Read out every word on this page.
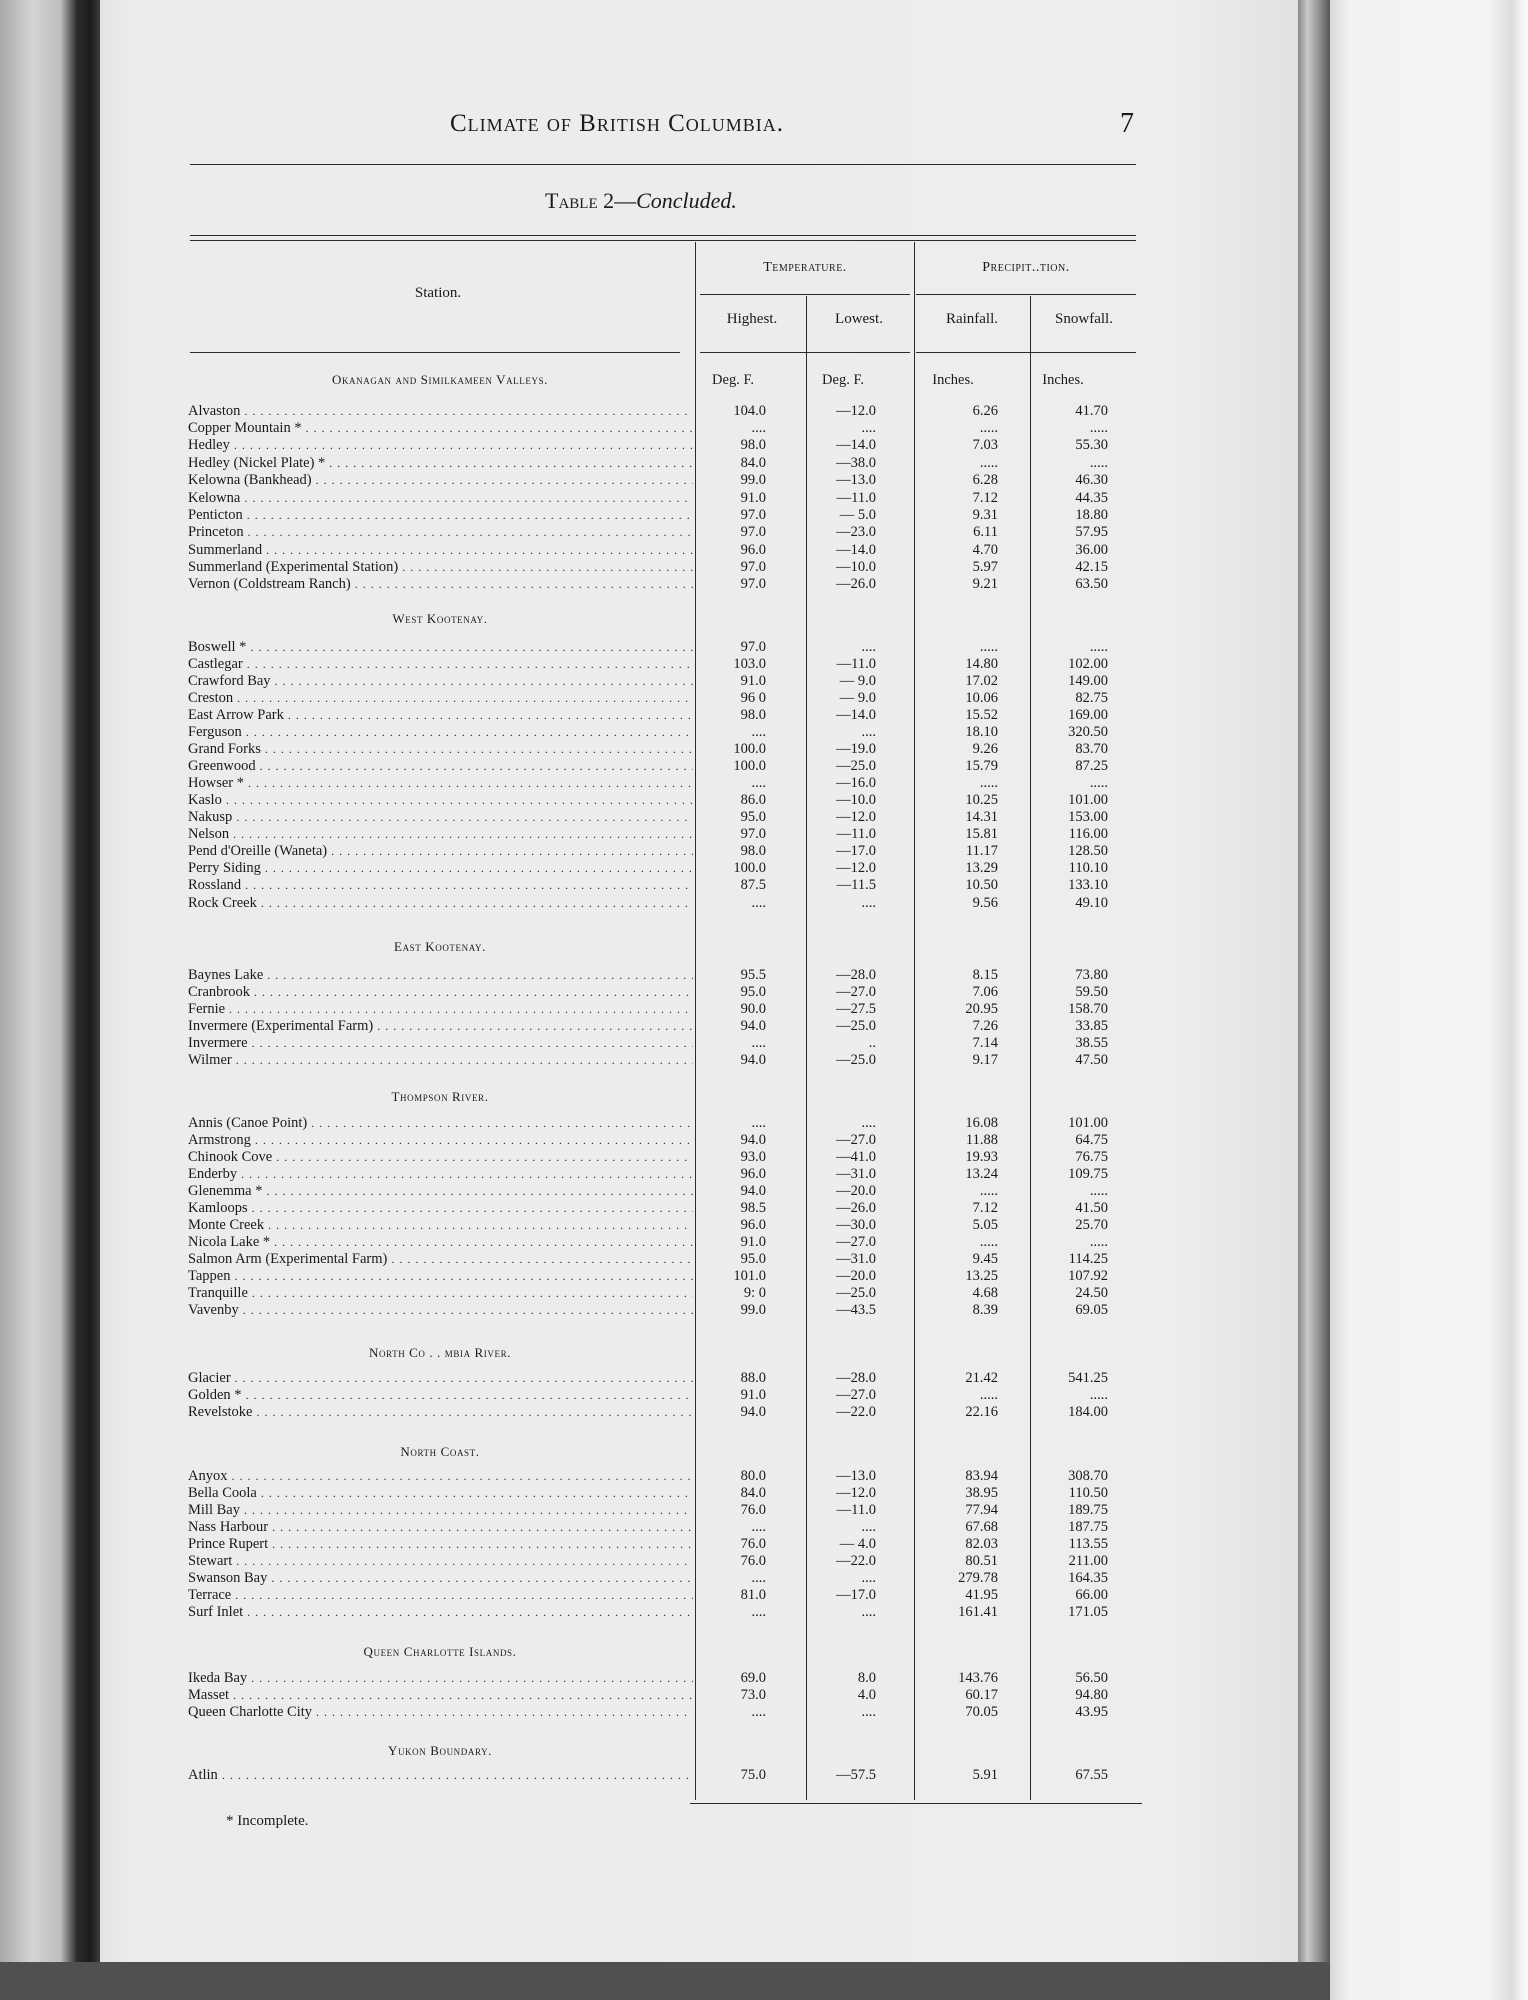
Climate of British Columbia.	7
Table 2—Concluded.
Station.
Temperature.	Precipit..tion.
Highest.	Lowest.	Rainfall.	Snowfall.
Okanagan and Similkameen Valleys.	Deg. F.	Deg. F.	Inches.	Inches.
Alvaston . . .	104.0	—12.0	6.26	41.70
Copper Mountain * . . .	....	....	.....	.....
Hedley . . .	98.0	—14.0	7.03	55.30
Hedley (Nickel Plate) * . . .	84.0	—38.0	.....	.....
Kelowna (Bankhead) . . .	99.0	—13.0	6.28	46.30
Kelowna . . .	91.0	—11.0	7.12	44.35
Penticton . . .	97.0	— 5.0	9.31	18.80
Princeton . . .	97.0	—23.0	6.11	57.95
Summerland . . .	96.0	—14.0	4.70	36.00
Summerland (Experimental Station) . . .	97.0	—10.0	5.97	42.15
Vernon (Coldstream Ranch) . . .	97.0	—26.0	9.21	63.50
West Kootenay.
Boswell * . . .	97.0	....	.....	.....
Castlegar . . .	103.0	—11.0	14.80	102.00
Crawford Bay . . .	91.0	— 9.0	17.02	149.00
Creston . . .	96 0	— 9.0	10.06	82.75
East Arrow Park . . .	98.0	—14.0	15.52	169.00
Ferguson . . .	....	....	18.10	320.50
Grand Forks . . .	100.0	—19.0	9.26	83.70
Greenwood . . .	100.0	—25.0	15.79	87.25
Howser * . . .	....	—16.0	.....	.....
Kaslo . . .	86.0	—10.0	10.25	101.00
Nakusp . . .	95.0	—12.0	14.31	153.00
Nelson . . .	97.0	—11.0	15.81	116.00
Pend d'Oreille (Waneta) . . .	98.0	—17.0	11.17	128.50
Perry Siding . . .	100.0	—12.0	13.29	110.10
Rossland . . .	87.5	—11.5	10.50	133.10
Rock Creek . . .	....	....	9.56	49.10
East Kootenay.
Baynes Lake . . .	95.5	—28.0	8.15	73.80
Cranbrook . . .	95.0	—27.0	7.06	59.50
Fernie . . .	90.0	—27.5	20.95	158.70
Invermere (Experimental Farm) . . .	94.0	—25.0	7.26	33.85
Invermere . . .	....	..	7.14	38.55
Wilmer . . .	94.0	—25.0	9.17	47.50
Thompson River.
Annis (Canoe Point) . . .	....	....	16.08	101.00
Armstrong . . .	94.0	—27.0	11.88	64.75
Chinook Cove . . .	93.0	—41.0	19.93	76.75
Enderby . . .	96.0	—31.0	13.24	109.75
Glenemma * . . .	94.0	—20.0	.....	.....
Kamloops . . .	98.5	—26.0	7.12	41.50
Monte Creek . . .	96.0	—30.0	5.05	25.70
Nicola Lake * . . .	91.0	—27.0	.....	.....
Salmon Arm (Experimental Farm) . . .	95.0	—31.0	9.45	114.25
Tappen . . .	101.0	—20.0	13.25	107.92
Tranquille . . .	9: 0	—25.0	4.68	24.50
Vavenby . . .	99.0	—43.5	8.39	69.05
North Co . . mbia River.
Glacier . . .	88.0	—28.0	21.42	541.25
Golden * . . .	91.0	—27.0	.....	.....
Revelstoke . . .	94.0	—22.0	22.16	184.00
North Coast.
Anyox . . .	80.0	—13.0	83.94	308.70
Bella Coola . . .	84.0	—12.0	38.95	110.50
Mill Bay . . .	76.0	—11.0	77.94	189.75
Nass Harbour . . .	....	....	67.68	187.75
Prince Rupert . . .	76.0	— 4.0	82.03	113.55
Stewart . . .	76.0	—22.0	80.51	211.00
Swanson Bay . . .	....	....	279.78	164.35
Terrace . . .	81.0	—17.0	41.95	66.00
Surf Inlet . . .	....	....	161.41	171.05
Queen Charlotte Islands.
Ikeda Bay . . .	69.0	8.0	143.76	56.50
Masset . . .	73.0	4.0	60.17	94.80
Queen Charlotte City . . .	....	....	70.05	43.95
Yukon Boundary.
Atlin . . .	75.0	—57.5	5.91	67.55
* Incomplete.
